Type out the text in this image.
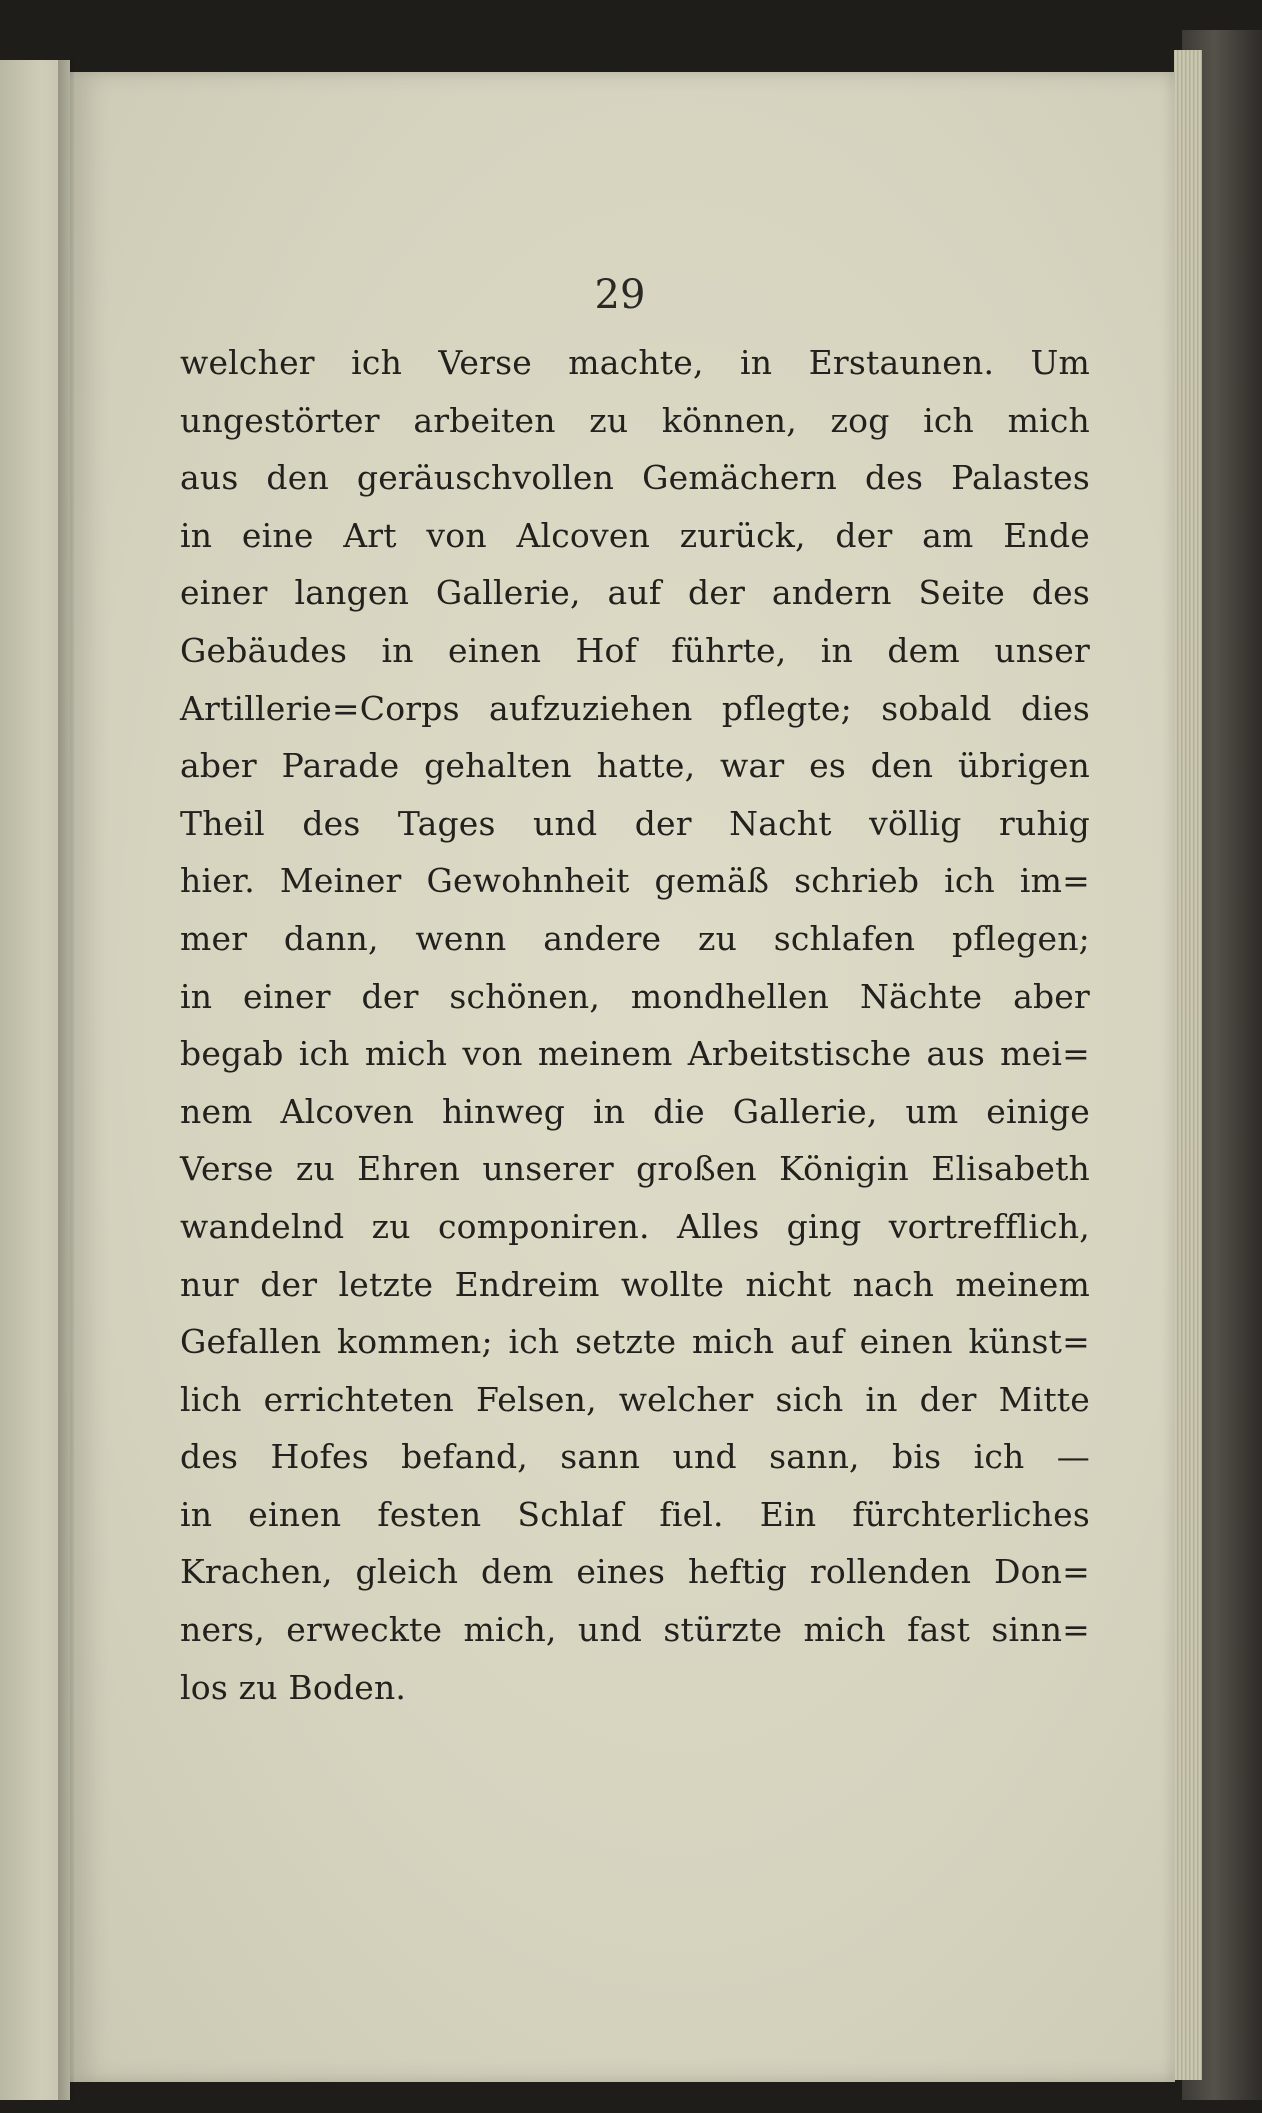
29
welcher ich Verse machte, in Erstaunen. Um
ungestörter arbeiten zu können, zog ich mich
aus den geräuschvollen Gemächern des Palastes
in eine Art von Alcoven zurück, der am Ende
einer langen Gallerie, auf der andern Seite des
Gebäudes in einen Hof führte, in dem unser
Artillerie=Corps aufzuziehen pflegte; sobald dies
aber Parade gehalten hatte, war es den übrigen
Theil des Tages und der Nacht völlig ruhig
hier. Meiner Gewohnheit gemäß schrieb ich im=
mer dann, wenn andere zu schlafen pflegen;
in einer der schönen, mondhellen Nächte aber
begab ich mich von meinem Arbeitstische aus mei=
nem Alcoven hinweg in die Gallerie, um einige
Verse zu Ehren unserer großen Königin Elisabeth
wandelnd zu componiren. Alles ging vortrefflich,
nur der letzte Endreim wollte nicht nach meinem
Gefallen kommen; ich setzte mich auf einen künst=
lich errichteten Felsen, welcher sich in der Mitte
des Hofes befand, sann und sann, bis ich —
in einen festen Schlaf fiel. Ein fürchterliches
Krachen, gleich dem eines heftig rollenden Don=
ners, erweckte mich, und stürzte mich fast sinn=
los zu Boden.
